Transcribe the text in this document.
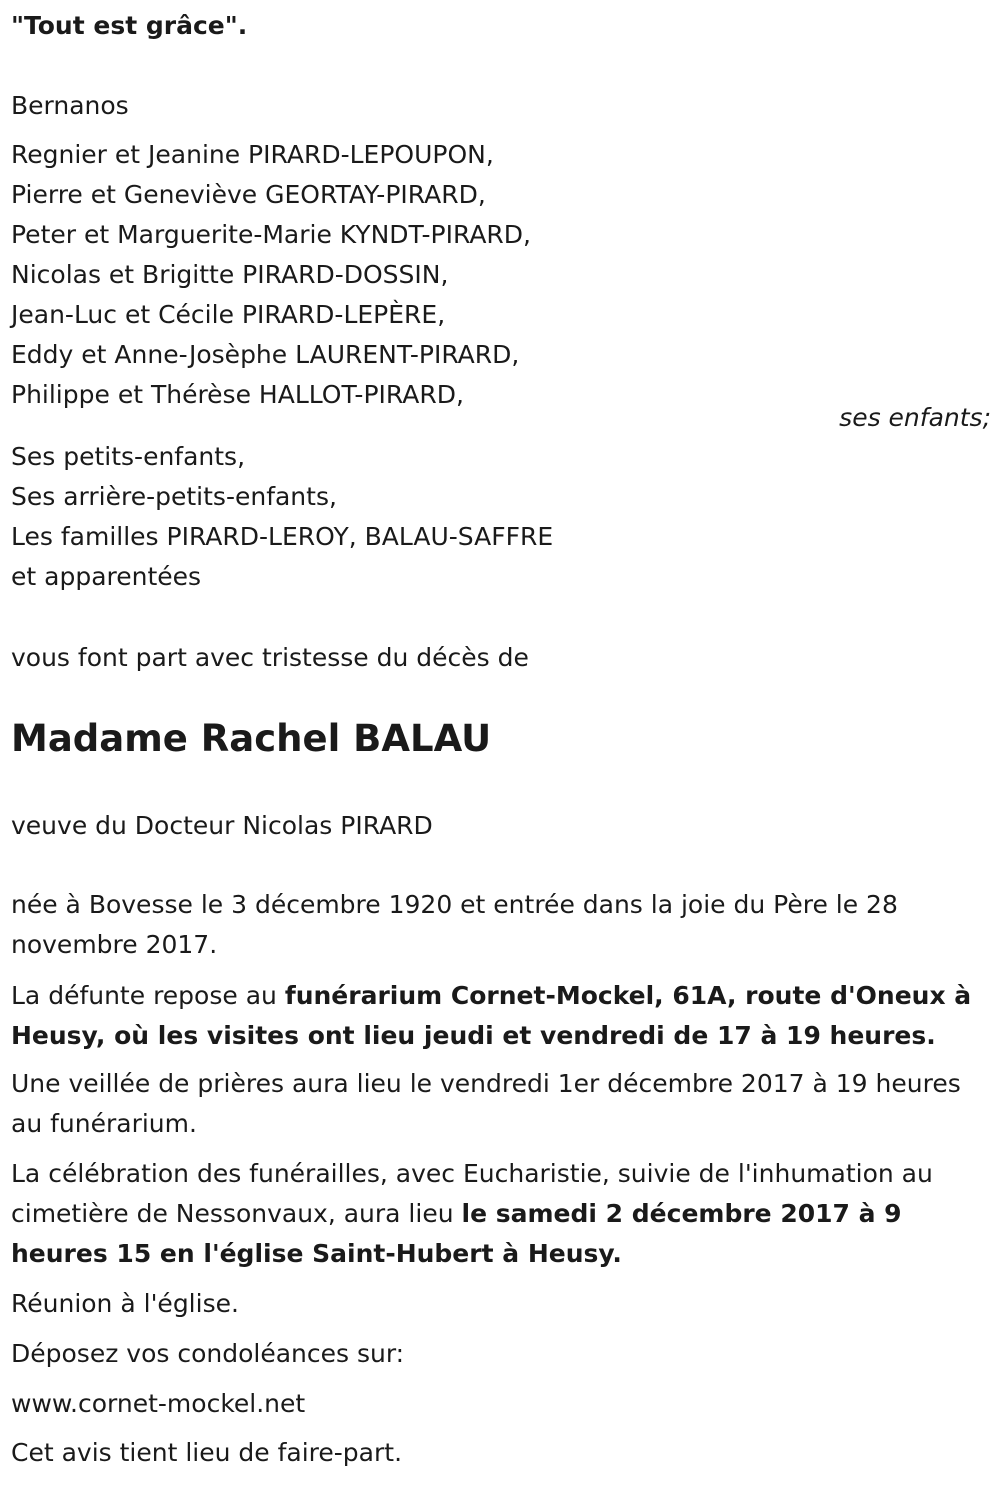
"Tout est grâce".
Bernanos
Regnier et Jeanine PIRARD-LEPOUPON,
Pierre et Geneviève GEORTAY-PIRARD,
Peter et Marguerite-Marie KYNDT-PIRARD,
Nicolas et Brigitte PIRARD-DOSSIN,
Jean-Luc et Cécile PIRARD-LEPÈRE,
Eddy et Anne-Josèphe LAURENT-PIRARD,
Philippe et Thérèse HALLOT-PIRARD,
ses enfants;
Ses petits-enfants,
Ses arrière-petits-enfants,
Les familles PIRARD-LEROY, BALAU-SAFFRE
et apparentées
vous font part avec tristesse du décès de
Madame Rachel BALAU
veuve du Docteur Nicolas PIRARD
née à Bovesse le 3 décembre 1920 et entrée dans la joie du Père le 28 novembre 2017.
La défunte repose au funérarium Cornet-Mockel, 61A, route d'Oneux à Heusy, où les visites ont lieu jeudi et vendredi de 17 à 19 heures.
Une veillée de prières aura lieu le vendredi 1er décembre 2017 à 19 heures au funérarium.
La célébration des funérailles, avec Eucharistie, suivie de l'inhumation au cimetière de Nessonvaux, aura lieu le samedi 2 décembre 2017 à 9 heures 15 en l'église Saint-Hubert à Heusy.
Réunion à l'église.
Déposez vos condoléances sur:
www.cornet-mockel.net
Cet avis tient lieu de faire-part.
